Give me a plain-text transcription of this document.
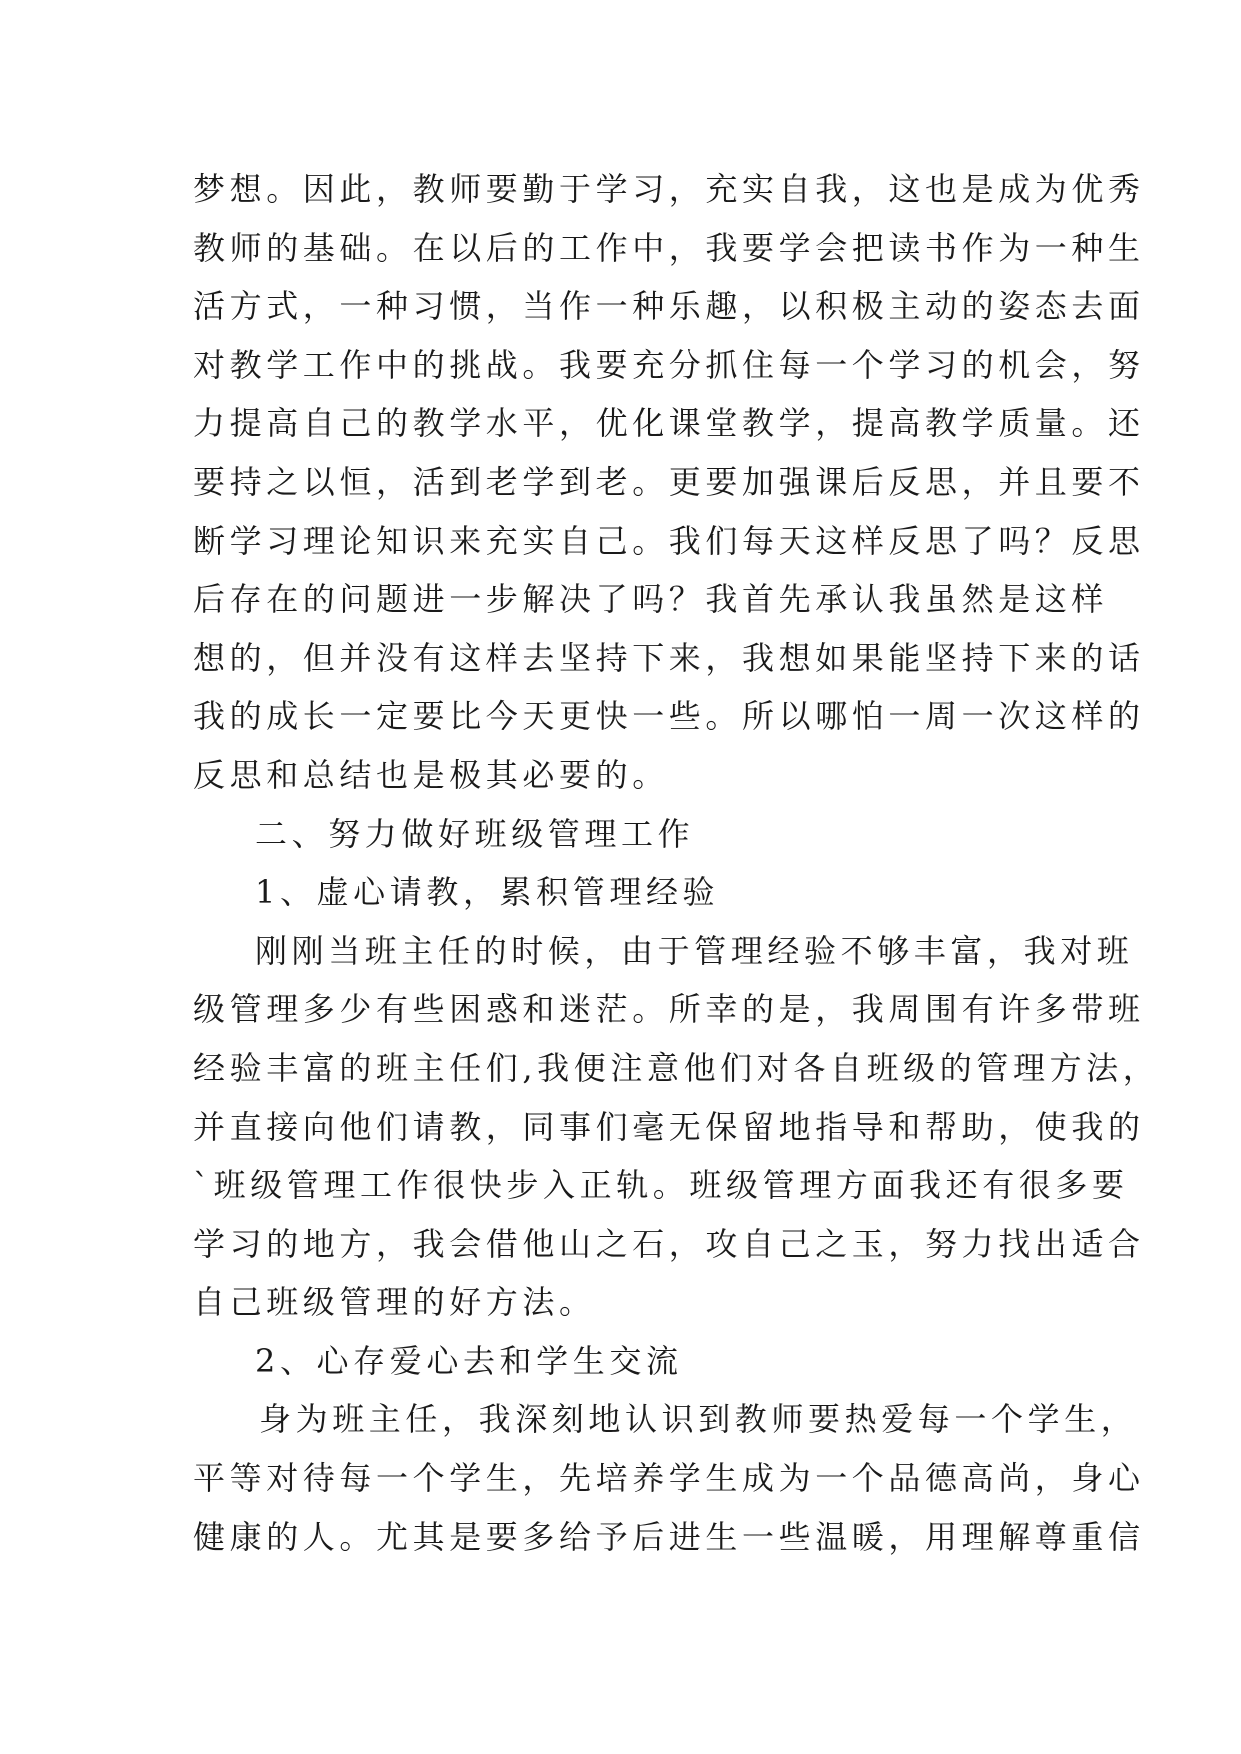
梦想。因此，教师要勤于学习，充实自我，这也是成为优秀
教师的基础。在以后的工作中，我要学会把读书作为一种生
活方式，一种习惯，当作一种乐趣，以积极主动的姿态去面
对教学工作中的挑战。我要充分抓住每一个学习的机会，努
力提高自己的教学水平，优化课堂教学，提高教学质量。还
要持之以恒，活到老学到老。更要加强课后反思，并且要不
断学习理论知识来充实自己。我们每天这样反思了吗？反思
后存在的问题进一步解决了吗？我首先承认我虽然是这样
想的，但并没有这样去坚持下来，我想如果能坚持下来的话
我的成长一定要比今天更快一些。所以哪怕一周一次这样的
反思和总结也是极其必要的。
二、努力做好班级管理工作
1、虚心请教，累积管理经验
刚刚当班主任的时候，由于管理经验不够丰富，我对班
级管理多少有些困惑和迷茫。所幸的是，我周围有许多带班
经验丰富的班主任们,我便注意他们对各自班级的管理方法，
并直接向他们请教，同事们毫无保留地指导和帮助，使我的
`班级管理工作很快步入正轨。班级管理方面我还有很多要
学习的地方，我会借他山之石，攻自己之玉，努力找出适合
自己班级管理的好方法。
2、心存爱心去和学生交流
身为班主任，我深刻地认识到教师要热爱每一个学生，
平等对待每一个学生，先培养学生成为一个品德高尚，身心
健康的人。尤其是要多给予后进生一些温暖，用理解尊重信
